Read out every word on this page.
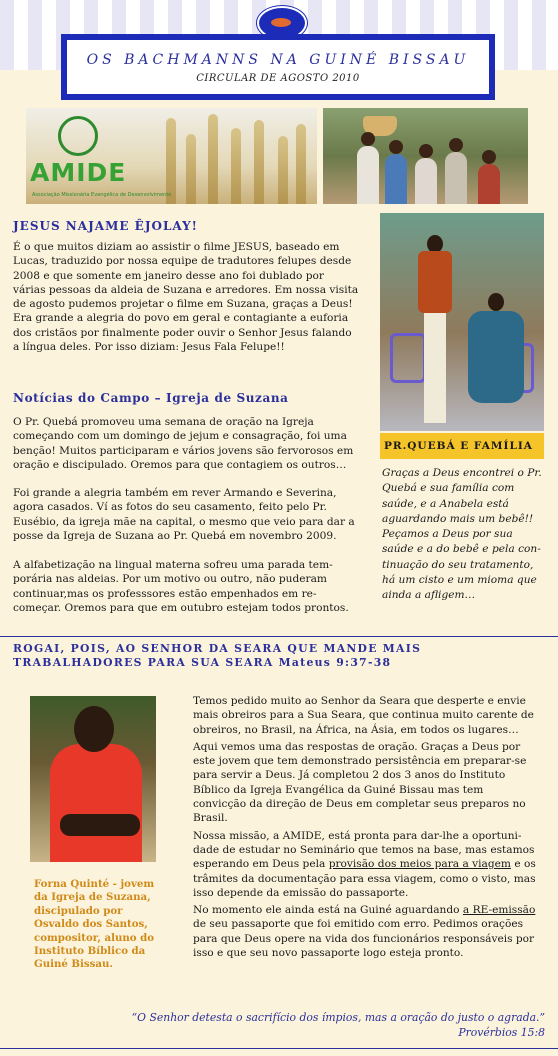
OS BACHMANNS NA GUINÉ BISSAU
CIRCULAR DE AGOSTO 2010
AMIDE
Associação Missionária Evangélica de Desenvolvimento
JESUS NAJAME ÊJOLAY!

É o que muitos diziam ao assistir o filme JESUS, baseado em Lucas, traduzido por nossa equipe de tradutores felupes desde 2008 e que somente em janeiro desse ano foi dublado por várias pessoas da aldeia de Suzana e arredores. Em nossa visita de agosto pudemos projetar o filme em Suzana, graças a Deus! Era grande a alegria do povo em geral e contagiante a euforia dos cristãos por finalmente poder ouvir o Senhor Jesus falando a língua deles. Por isso diziam: Jesus Fala Felupe!!

Notícias do Campo – Igreja de Suzana

O Pr. Quebá promoveu uma semana de oração na Igreja começando com um domingo de jejum e consagração, foi uma benção! Muitos participaram e vários jovens são fervorosos em oração e discipulado. Oremos para que contagiem os outros…

Foi grande a alegria também em rever Armando e Severina, agora casados. Ví as fotos do seu casamento, feito pelo Pr. Eusébio, da igreja mãe na capital, o mesmo que veio para dar a posse da Igreja de Suzana ao Pr. Quebá em novembro 2009.

A alfabetização na lingual materna sofreu uma parada tem-porária nas aldeias. Por um motivo ou outro, não puderam continuar,mas os professsores estão empenhados em re-começar. Oremos para que em outubro estejam todos prontos.

PR.QUEBÁ E FAMÍLIA

Graças a Deus encontrei o Pr. Quebá e sua família com saúde, e a Anabela está aguardando mais um bebê!! Peçamos a Deus por sua saúde e a do bebê e pela con-tinuação do seu tratamento, há um cisto e um mioma que ainda a afligem…

ROGAI, POIS, AO SENHOR DA SEARA QUE MANDE MAIS TRABALHADORES PARA SUA SEARA Mateus 9:37-38

Forna Quinté - jovem da Igreja de Suzana, discipulado por Osvaldo dos Santos, compositor, aluno do Instituto Bíblico da Guiné Bissau.

Temos pedido muito ao Senhor da Seara que desperte e envie mais obreiros para a Sua Seara, que continua muito carente de obreiros, no Brasil, na África, na Ásia, em todos os lugares…

Aqui vemos uma das respostas de oração. Graças a Deus por este jovem que tem demonstrado persistência em preparar-se para servir a Deus. Já completou 2 dos 3 anos do Instituto Bíblico da Igreja Evangélica da Guiné Bissau mas tem convicção da direção de Deus em completar seus preparos no Brasil.

Nossa missão, a AMIDE, está pronta para dar-lhe a oportuni-dade de estudar no Seminário que temos na base, mas estamos esperando em Deus pela provisão dos meios para a viagem e os trâmites da documentação para essa viagem, como o visto, mas isso depende da emissão do passaporte.

No momento ele ainda está na Guiné aguardando a RE-emissão de seu passaporte que foi emitido com erro. Pedimos orações para que Deus opere na vida dos funcionários responsáveis por isso e que seu novo passaporte logo esteja pronto.

“O Senhor detesta o sacrifício dos ímpios, mas a oração do justo o agrada.”
Provérbios 15:8
